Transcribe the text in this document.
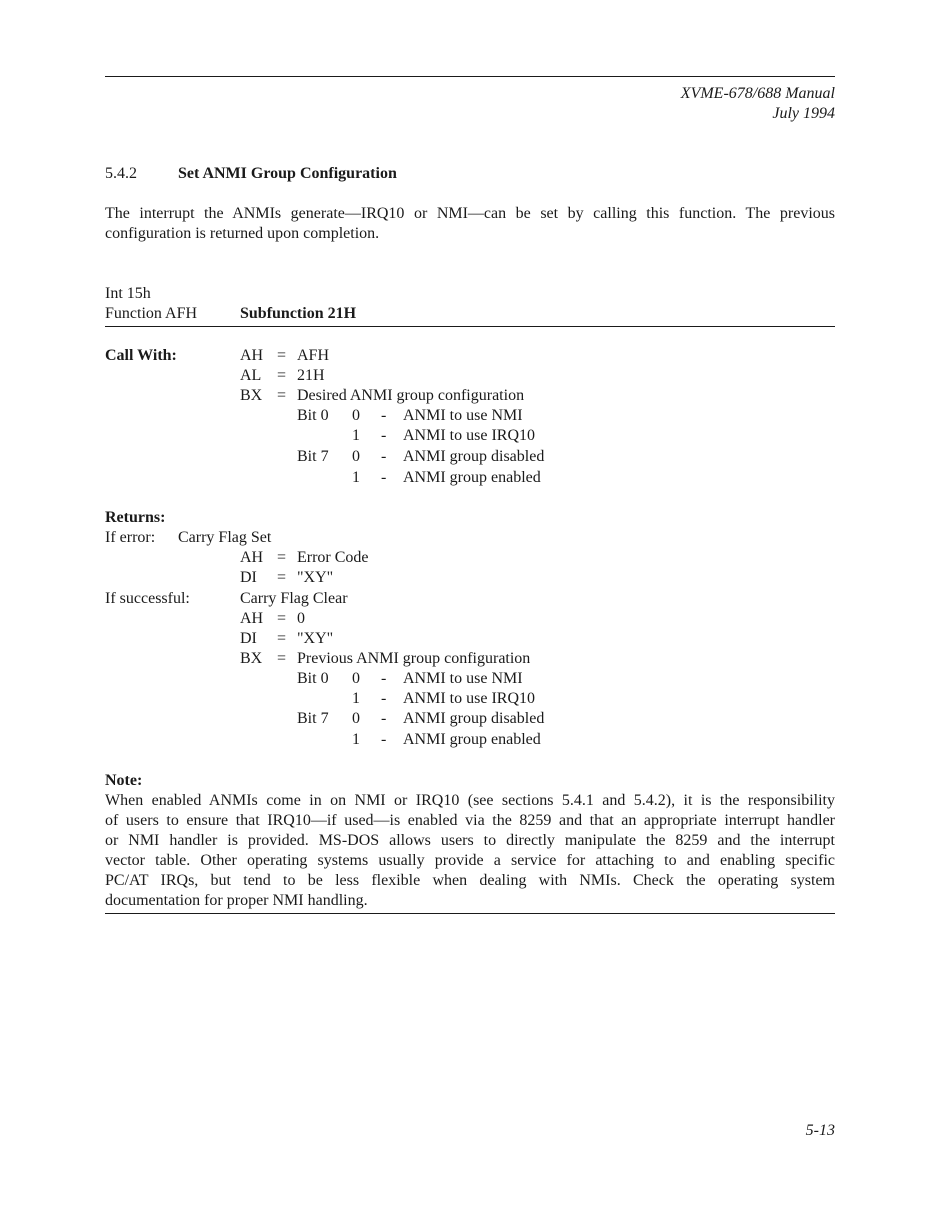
XVME-678/688 Manual
July 1994
5.4.2	Set ANMI Group Configuration
The interrupt the ANMIs generate—IRQ10 or NMI—can be set by calling this function. The previous
configuration is returned upon completion.
Int 15h
Function AFH	Subfunction 21H
Call With:	AH = AFH
AL = 21H
BX = Desired ANMI group configuration
Bit 0 0 - ANMI to use NMI
1 - ANMI to use IRQ10
Bit 7 0 - ANMI group disabled
1 - ANMI group enabled
Returns:
If error: Carry Flag Set
AH = Error Code
DI = "XY"
If successful:	Carry Flag Clear
AH = 0
DI = "XY"
BX = Previous ANMI group configuration
Bit 0 0 - ANMI to use NMI
1 - ANMI to use IRQ10
Bit 7 0 - ANMI group disabled
1 - ANMI group enabled
Note:
When enabled ANMIs come in on NMI or IRQ10 (see sections 5.4.1 and 5.4.2), it is the responsibility
of users to ensure that IRQ10—if used—is enabled via the 8259 and that an appropriate interrupt handler
or NMI handler is provided. MS-DOS allows users to directly manipulate the 8259 and the interrupt
vector table. Other operating systems usually provide a service for attaching to and enabling specific
PC/AT IRQs, but tend to be less flexible when dealing with NMIs. Check the operating system
documentation for proper NMI handling.
5-13
